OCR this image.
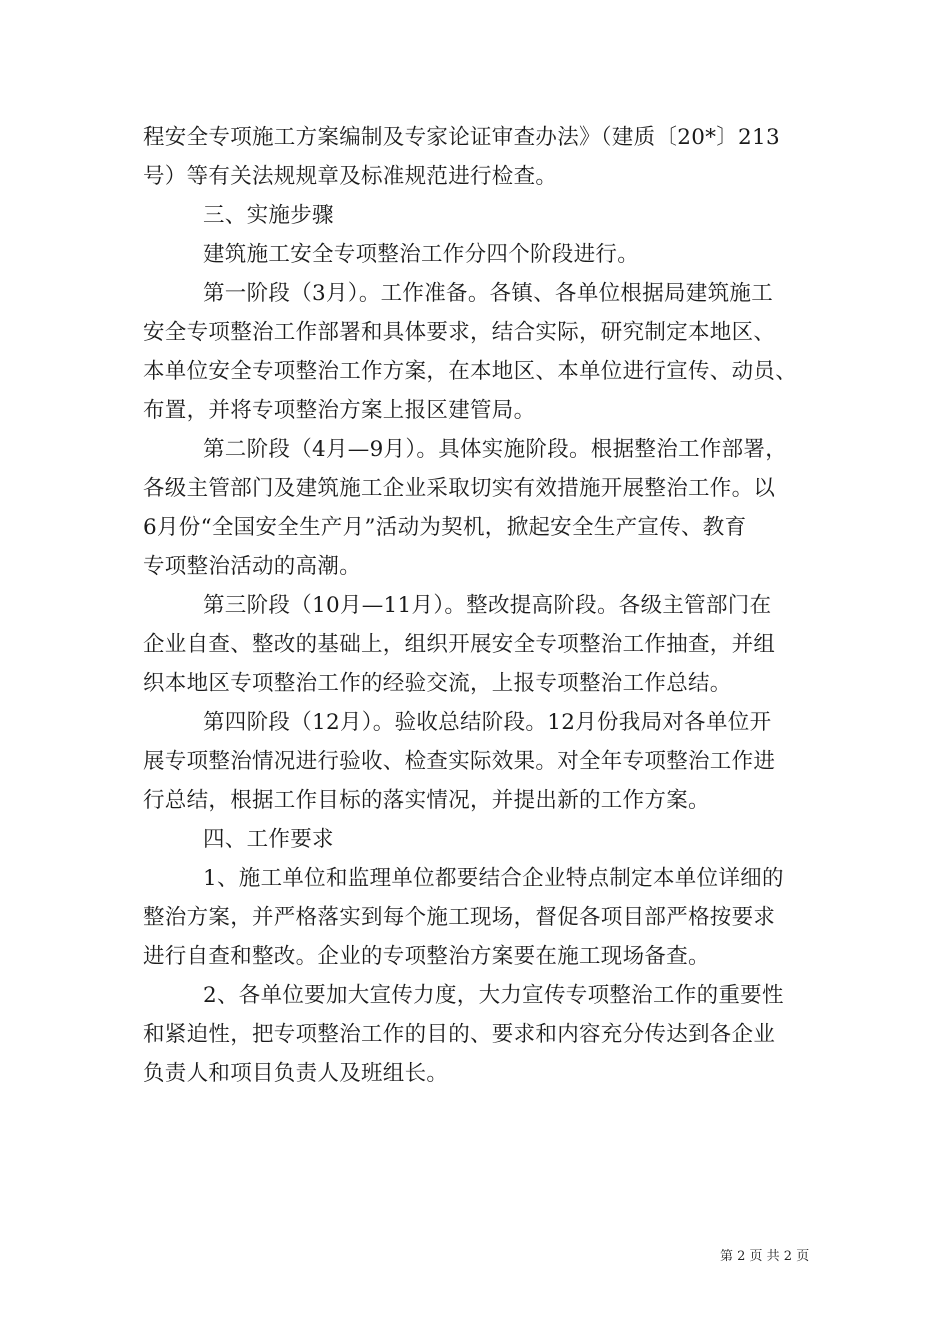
程安全专项施工方案编制及专家论证审查办法》（建质〔20*〕213
号）等有关法规规章及标准规范进行检查。
三、实施步骤
建筑施工安全专项整治工作分四个阶段进行。
第一阶段（3月）。工作准备。各镇、各单位根据局建筑施工
安全专项整治工作部署和具体要求，结合实际，研究制定本地区、
本单位安全专项整治工作方案，在本地区、本单位进行宣传、动员、
布置，并将专项整治方案上报区建管局。
第二阶段（4月—9月）。具体实施阶段。根据整治工作部署，
各级主管部门及建筑施工企业采取切实有效措施开展整治工作。以
6月份“全国安全生产月”活动为契机，掀起安全生产宣传、教育
专项整治活动的高潮。
第三阶段（10月—11月）。整改提高阶段。各级主管部门在
企业自查、整改的基础上，组织开展安全专项整治工作抽查，并组
织本地区专项整治工作的经验交流，上报专项整治工作总结。
第四阶段（12月）。验收总结阶段。12月份我局对各单位开
展专项整治情况进行验收、检查实际效果。对全年专项整治工作进
行总结，根据工作目标的落实情况，并提出新的工作方案。
四、工作要求
1、施工单位和监理单位都要结合企业特点制定本单位详细的
整治方案，并严格落实到每个施工现场，督促各项目部严格按要求
进行自查和整改。企业的专项整治方案要在施工现场备查。
2、各单位要加大宣传力度，大力宣传专项整治工作的重要性
和紧迫性，把专项整治工作的目的、要求和内容充分传达到各企业
负责人和项目负责人及班组长。
第 2 页 共 2 页
